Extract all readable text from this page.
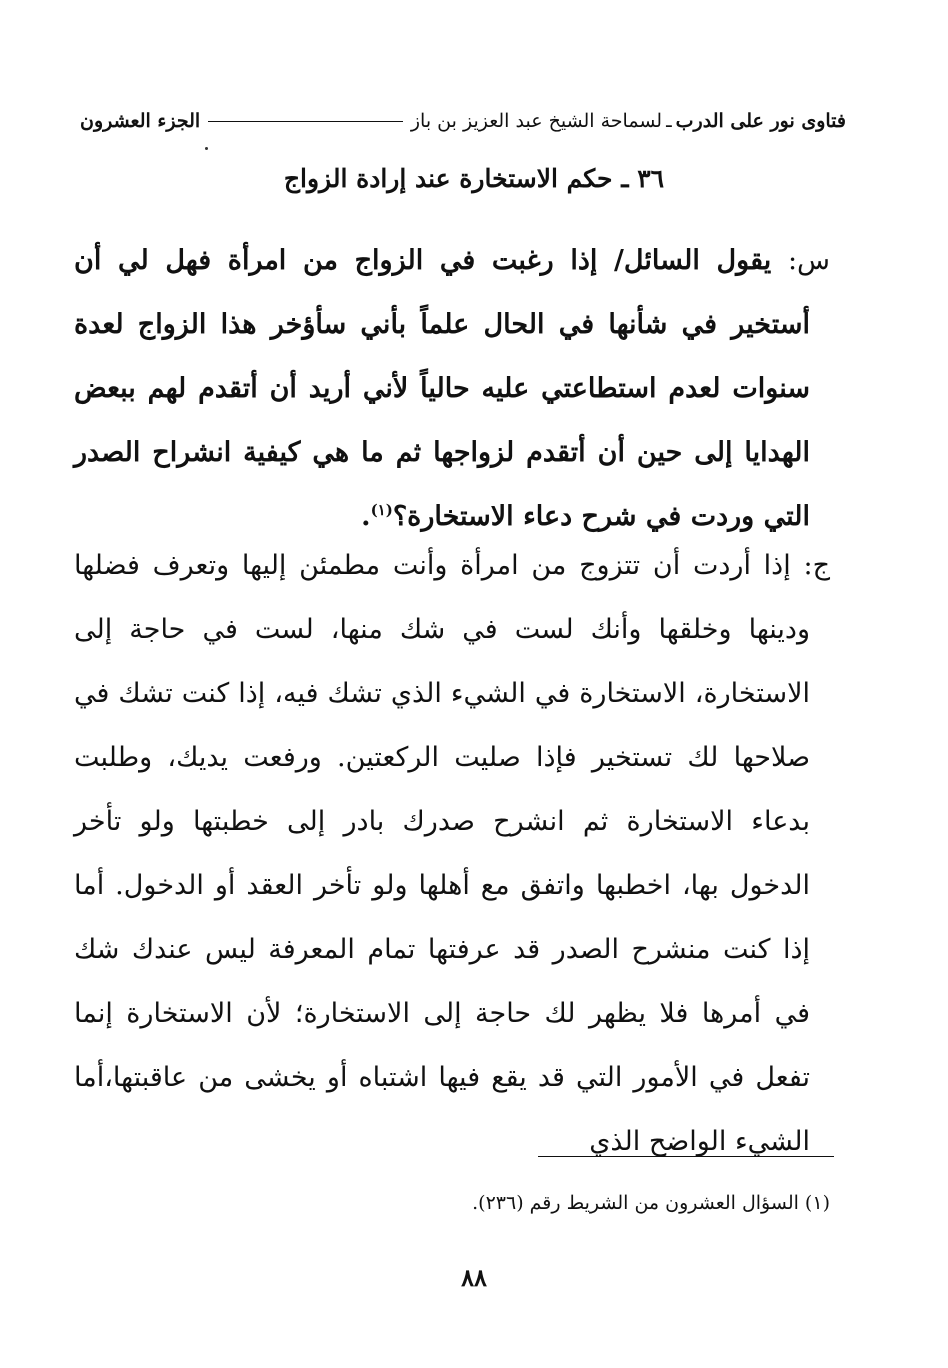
فتاوى نور على الدرب
ـ
لسماحة الشيخ عبد العزيز بن باز
الجزء العشرون
٣٦ ـ حكم الاستخارة عند إرادة الزواج
س: يقول السائل/ إذا رغبت في الزواج من امرأة فهل لي أن أستخير في شأنها في الحال علماً بأني سأؤخر هذا الزواج لعدة سنوات لعدم استطاعتي عليه حالياً لأني أريد أن أتقدم لهم ببعض الهدايا إلى حين أن أتقدم لزواجها ثم ما هي كيفية انشراح الصدر التي وردت في شرح دعاء الاستخارة؟$^{(١)}$.
ج: إذا أردت أن تتزوج من امرأة وأنت مطمئن إليها وتعرف فضلها ودينها وخلقها وأنك لست في شك منها، لست في حاجة إلى الاستخارة، الاستخارة في الشيء الذي تشك فيه، إذا كنت تشك في صلاحها لك تستخير فإذا صليت الركعتين. ورفعت يديك، وطلبت بدعاء الاستخارة ثم انشرح صدرك بادر إلى خطبتها ولو تأخر الدخول بها، اخطبها واتفق مع أهلها ولو تأخر العقد أو الدخول. أما إذا كنت منشرح الصدر قد عرفتها تمام المعرفة ليس عندك شك في أمرها فلا يظهر لك حاجة إلى الاستخارة؛ لأن الاستخارة إنما تفعل في الأمور التي قد يقع فيها اشتباه أو يخشى من عاقبتها،أما الشيء الواضح الذي
(١) السؤال العشرون من الشريط رقم (٢٣٦).
٨٨
